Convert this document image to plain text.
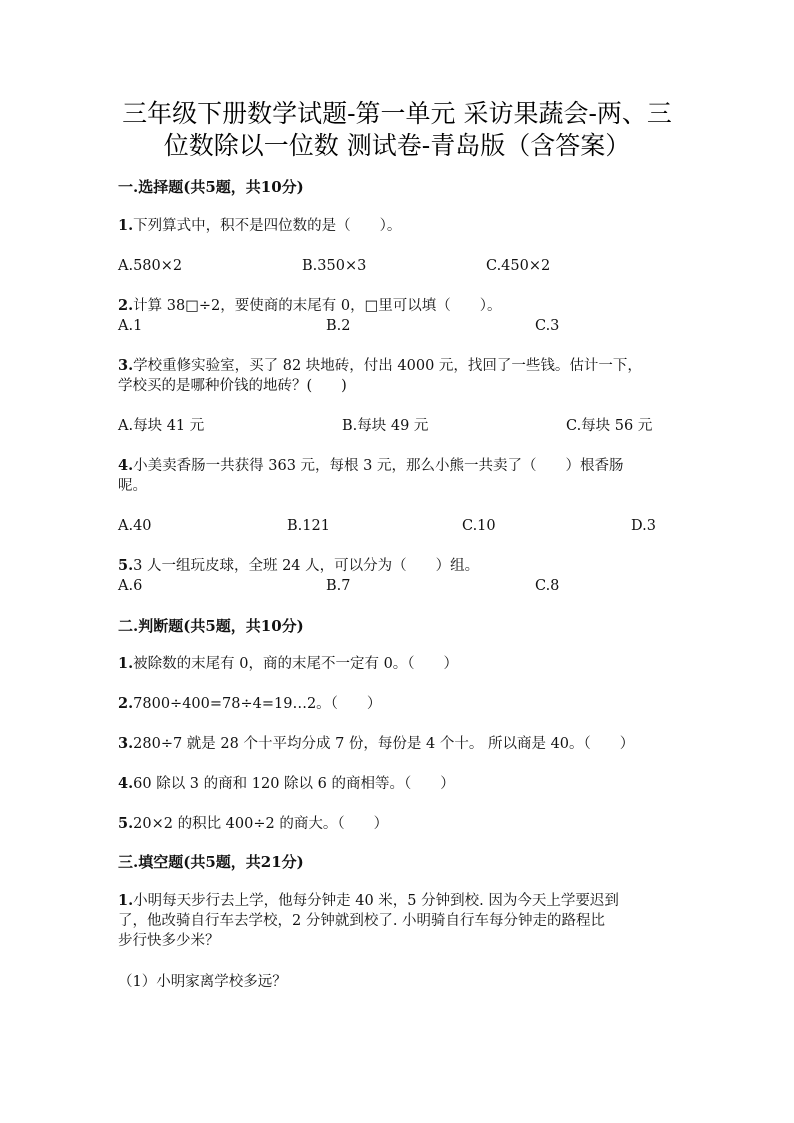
三年级下册数学试题-第一单元 采访果蔬会-两、三
位数除以一位数 测试卷-青岛版（含答案）
一.选择题(共5题，共10分)
1.下列算式中，积不是四位数的是（　　）。
A.580×2	B.350×3	C.450×2
2.计算 38□÷2，要使商的末尾有 0，□里可以填（　　）。
A.1	B.2	C.3
3.学校重修实验室，买了 82 块地砖，付出 4000 元，找回了一些钱。估计一下，
学校买的是哪种价钱的地砖？(　　)
A.每块 41 元	B.每块 49 元	C.每块 56 元
4.小美卖香肠一共获得 363 元，每根 3 元，那么小熊一共卖了（　　）根香肠
呢。
A.40	B.121	C.10	D.3
5.3 人一组玩皮球，全班 24 人，可以分为（　　）组。
A.6	B.7	C.8
二.判断题(共5题，共10分)
1.被除数的末尾有 0，商的末尾不一定有 0。（　　）
2.7800÷400=78÷4=19…2。（　　）
3.280÷7 就是 28 个十平均分成 7 份，每份是 4 个十。 所以商是 40。（　　）
4.60 除以 3 的商和 120 除以 6 的商相等。（　　）
5.20×2 的积比 400÷2 的商大。（　　）
三.填空题(共5题，共21分)
1.小明每天步行去上学，他每分钟走 40 米，5 分钟到校. 因为今天上学要迟到
了，他改骑自行车去学校，2 分钟就到校了. 小明骑自行车每分钟走的路程比
步行快多少米？
（1）小明家离学校多远？
